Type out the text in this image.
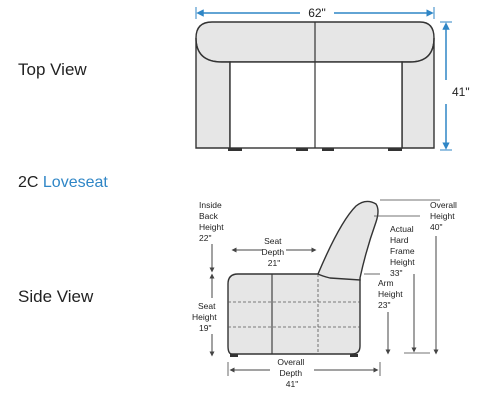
Top View
Side View
2C Loveseat
62"
41"
Inside Back Height 22"	Seat Depth 21"
Seat Height 19"
Overall Depth 41"
Overall Height 40"
Actual Hard Frame Height 33"
Arm Height 23"
